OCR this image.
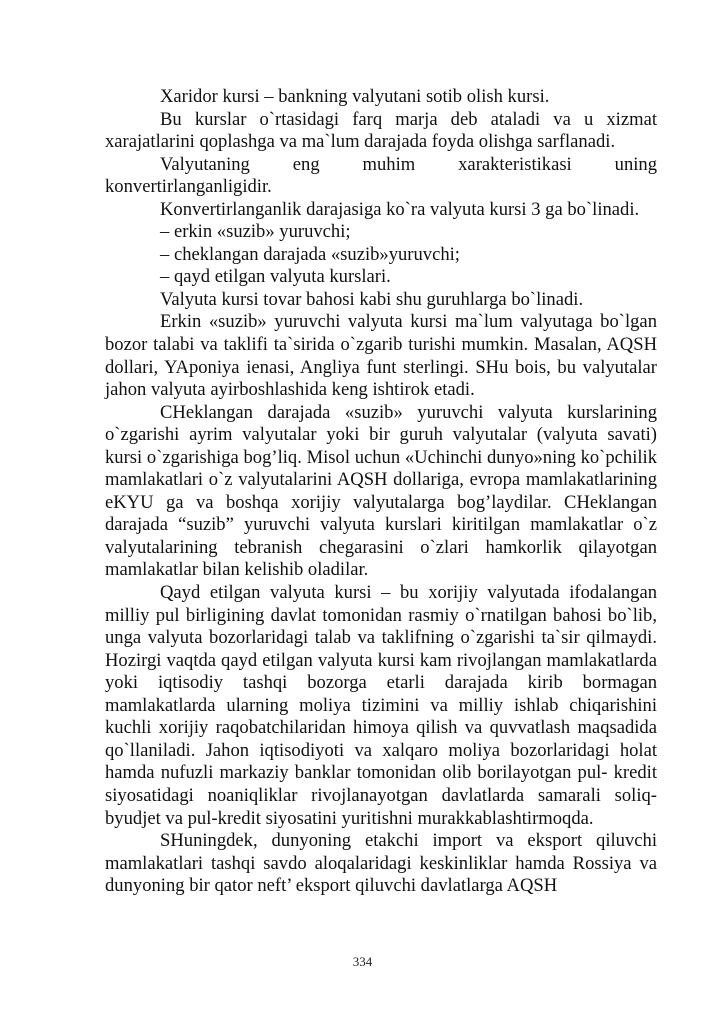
Xaridor kursi – bankning valyutani sotib olish kursi.

Bu kurslar o`rtasidagi farq marja deb ataladi va u xizmat xarajatlarini qoplashga va ma`lum darajada foyda olishga sarflanadi.

Valyutaning eng muhim xarakteristikasi uning konvertirlanganligidir.

Konvertirlanganlik darajasiga ko`ra valyuta kursi 3 ga bo`linadi.

– erkin «suzib» yuruvchi;

– cheklangan darajada «suzib»yuruvchi;

– qayd etilgan valyuta kurslari.

Valyuta kursi tovar bahosi kabi shu guruhlarga bo`linadi.

Erkin «suzib» yuruvchi valyuta kursi ma`lum valyutaga bo`lgan bozor talabi va taklifi ta`sirida o`zgarib turishi mumkin. Masalan, AQSH dollari, YAponiya ienasi, Angliya funt sterlingi. SHu bois, bu valyutalar jahon valyuta ayirboshlashida keng ishtirok etadi.

CHeklangan darajada «suzib» yuruvchi valyuta kurslarining o`zgarishi ayrim valyutalar yoki bir guruh valyutalar (valyuta savati) kursi o`zgarishiga bog’liq. Misol uchun «Uchinchi dunyo»ning ko`pchilik mamlakatlari o`z valyutalarini AQSH dollariga, evropa mamlakatlarining eKYU ga va boshqa xorijiy valyutalarga bog’laydilar. CHeklangan darajada “suzib” yuruvchi valyuta kurslari kiritilgan mamlakatlar o`z valyutalarining tebranish chegarasini o`zlari hamkorlik qilayotgan mamlakatlar bilan kelishib oladilar.

Qayd etilgan valyuta kursi – bu xorijiy valyutada ifodalangan milliy pul birligining davlat tomonidan rasmiy o`rnatilgan bahosi bo`lib, unga valyuta bozorlaridagi talab va taklifning o`zgarishi ta`sir qilmaydi. Hozirgi vaqtda qayd etilgan valyuta kursi kam rivojlangan mamlakatlarda yoki iqtisodiy tashqi bozorga etarli darajada kirib bormagan mamlakatlarda ularning moliya tizimini va milliy ishlab chiqarishini kuchli xorijiy raqobatchilaridan himoya qilish va quvvatlash maqsadida qo`llaniladi. Jahon iqtisodiyoti va xalqaro moliya bozorlaridagi holat hamda nufuzli markaziy banklar tomonidan olib borilayotgan pul- kredit siyosatidagi noaniqliklar rivojlanayotgan davlatlarda samarali soliq-byudjet va pul-kredit siyosatini yuritishni murakkablashtirmoqda.

SHuningdek, dunyoning etakchi import va eksport qiluvchi mamlakatlari tashqi savdo aloqalaridagi keskinliklar hamda Rossiya va dunyoning bir qator neft’ eksport qiluvchi davlatlarga AQSH

334
